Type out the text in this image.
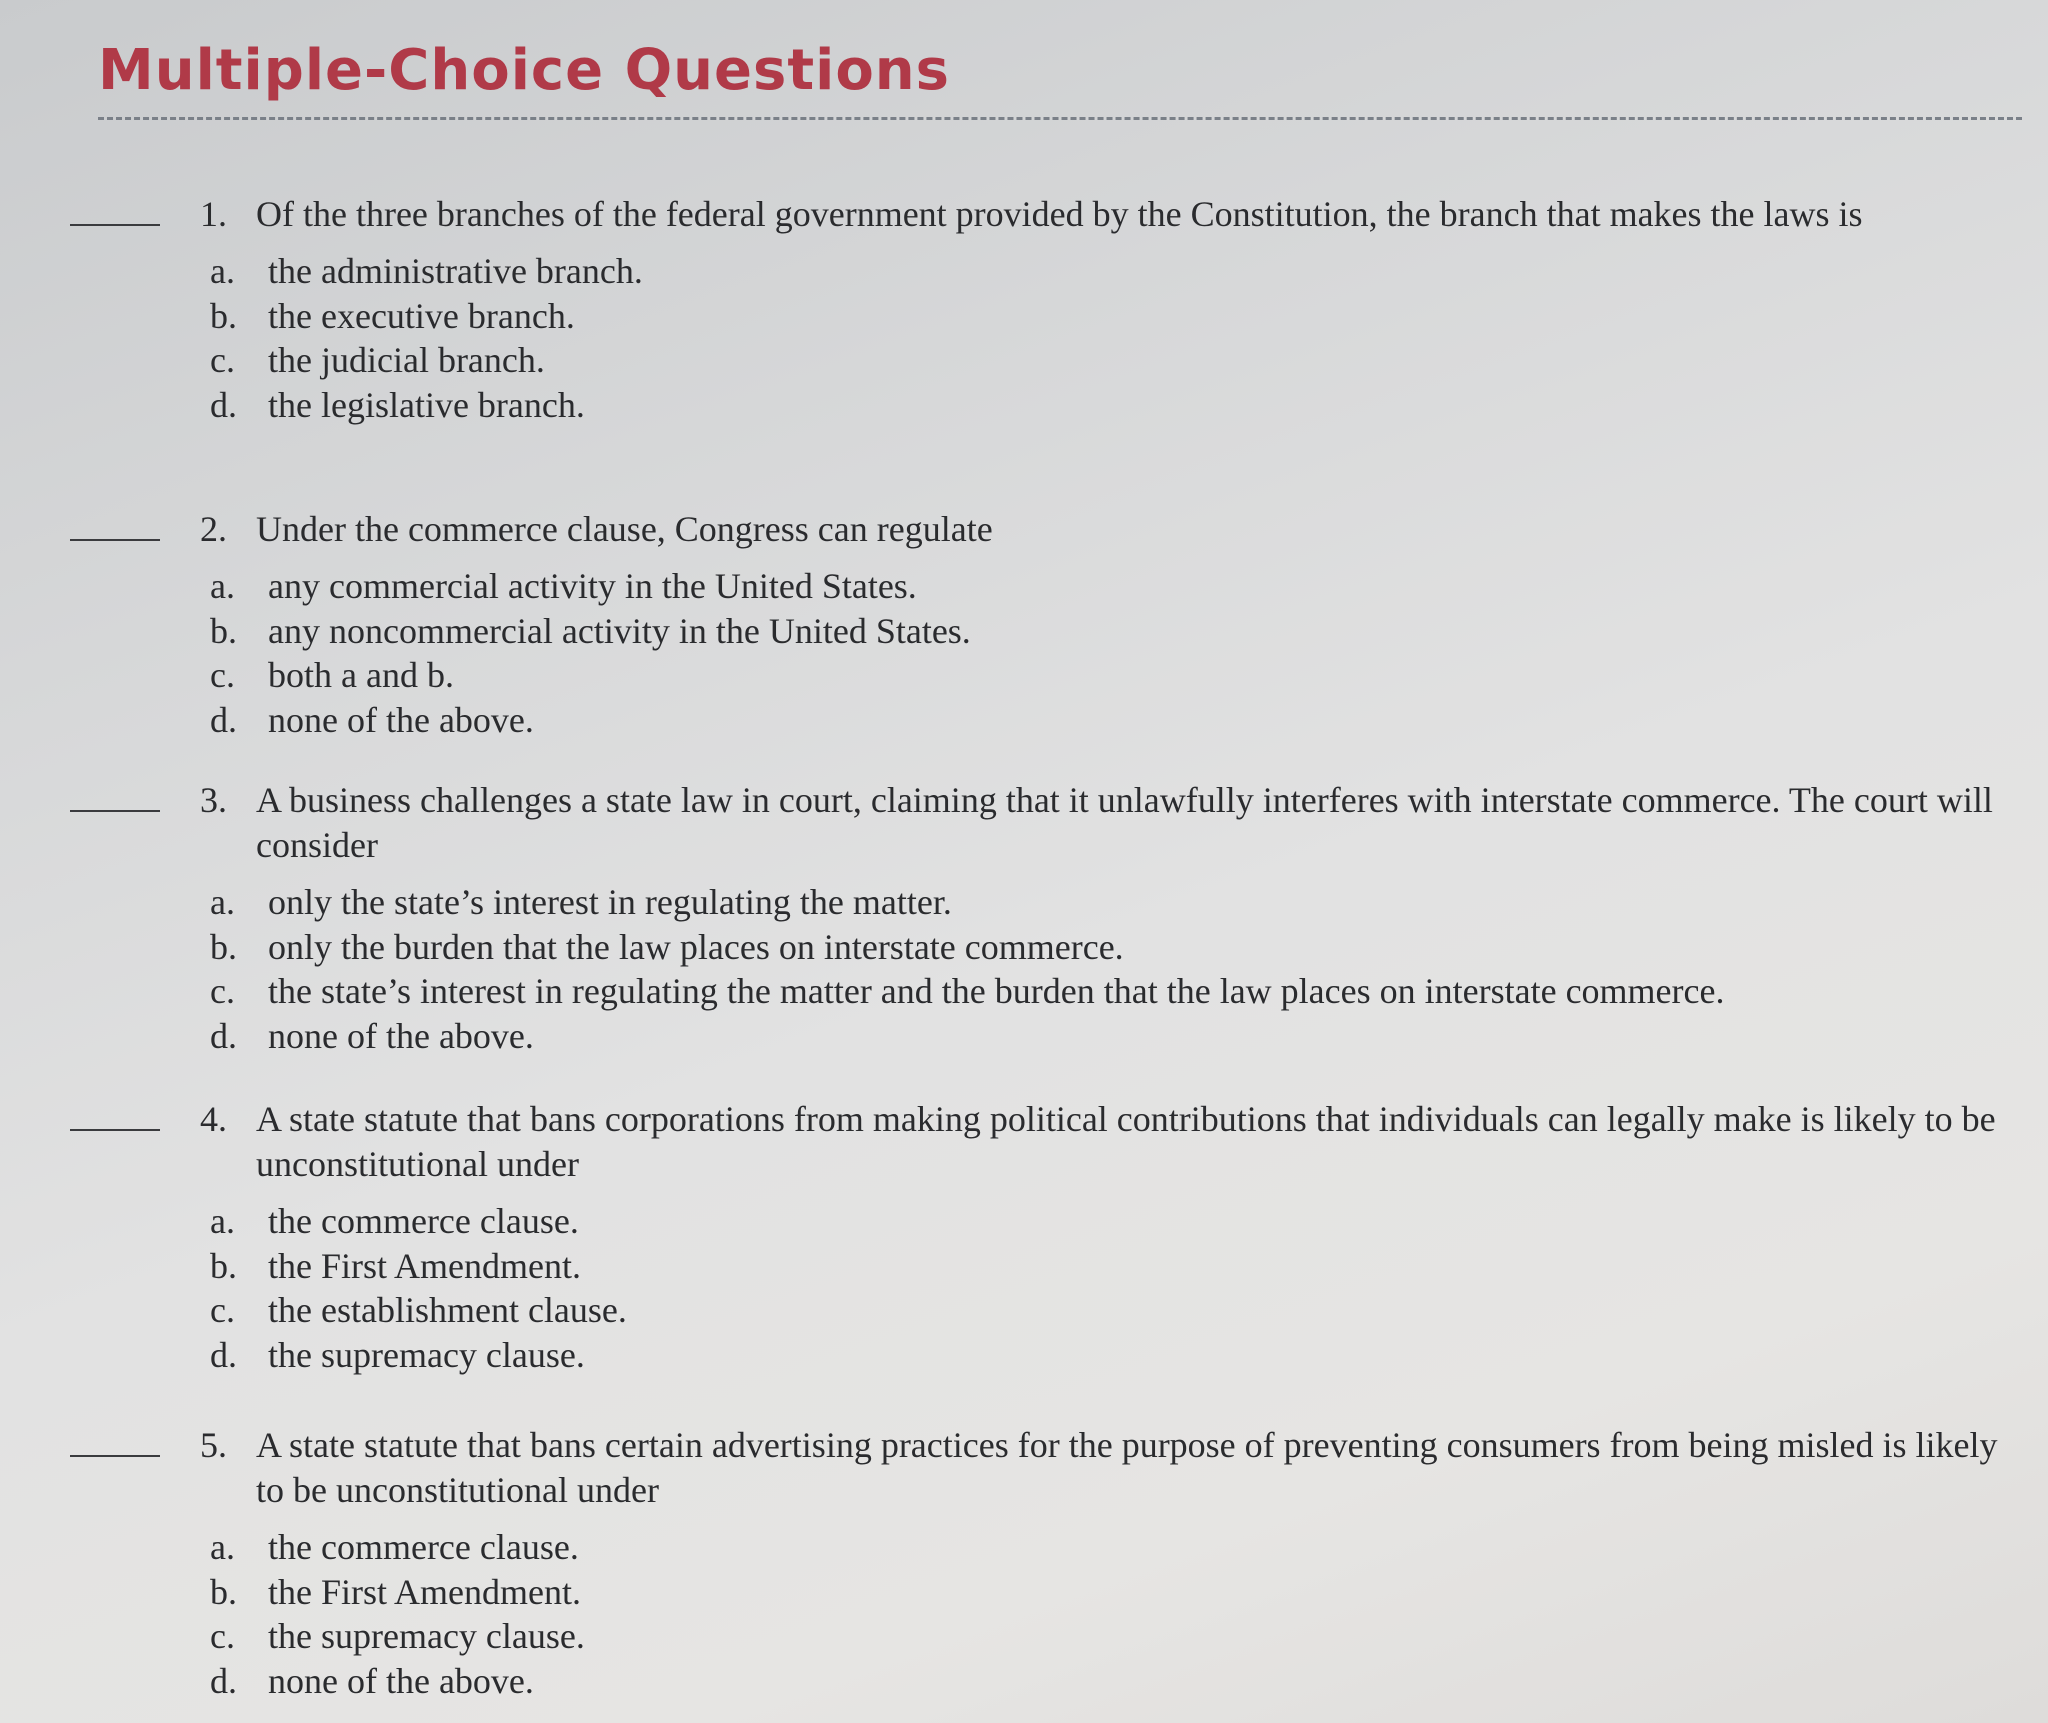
Multiple-Choice Questions
1. Of the three branches of the federal government provided by the Constitution, the branch that makes the laws is
a. the administrative branch.
b. the executive branch.
c. the judicial branch.
d. the legislative branch.
2. Under the commerce clause, Congress can regulate
a. any commercial activity in the United States.
b. any noncommercial activity in the United States.
c. both a and b.
d. none of the above.
3. A business challenges a state law in court, claiming that it unlawfully interferes with interstate commerce. The court will consider
a. only the state’s interest in regulating the matter.
b. only the burden that the law places on interstate commerce.
c. the state’s interest in regulating the matter and the burden that the law places on interstate commerce.
d. none of the above.
4. A state statute that bans corporations from making political contributions that individuals can legally make is likely to be unconstitutional under
a. the commerce clause.
b. the First Amendment.
c. the establishment clause.
d. the supremacy clause.
5. A state statute that bans certain advertising practices for the purpose of preventing consumers from being misled is likely to be unconstitutional under
a. the commerce clause.
b. the First Amendment.
c. the supremacy clause.
d. none of the above.
